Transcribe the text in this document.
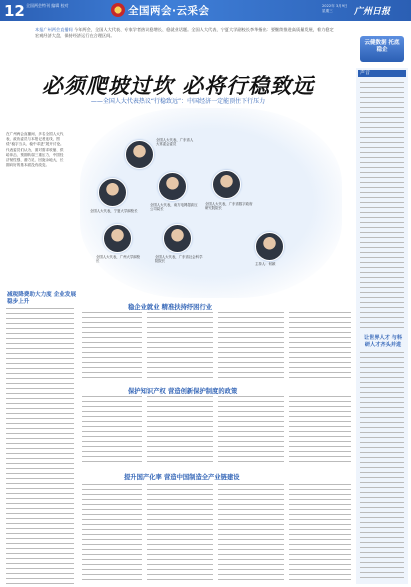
12 全国两会特刊 编辑 校对	全国两会·云采会	2022年 3月9日 星期三	广州日报
本报广州两会直播间 今年两会，全国人大代表、专家学者热议稳增长、稳就业话题。全国人大代表、宁夏大学副校长李华指出：要继续推进高质量发展，着力稳定宏观经济大盘，保持经济运行在合理区间。
云健数据 托底稳企
必须爬坡过坎 必将行稳致远
——全国人大代表热议“行稳致远”：中国经济一定能顶住下行压力
全国人大代表、广东省人大常委会委员
全国人大代表，宁夏大学副校长
全国人大代表，南方电网超高压公司局长
全国人大代表，广东省数字政府研究院院长
全国人大代表，广州大学副校长
全国人大代表，广东省社会科学院院长
主持人：何颖
在广州两会直播间，多名全国人大代表、政协委员与本报记者连线，围绕“稳字当头、稳中求进”展开讨论。代表委员们认为，面对需求收缩、供给冲击、预期转弱三重压力，中国经济韧性强、潜力足、回旋余地大，长期向好的基本面没有改变。
减税降费助大力度 企业发展稳步上升
稳企业就业 精准扶持纾困行业
保护知识产权 营造创新保护制度的政策
提升国产化率 营造中国制造全产业链建设
声音
让世界人才 与科研人才齐头并进
